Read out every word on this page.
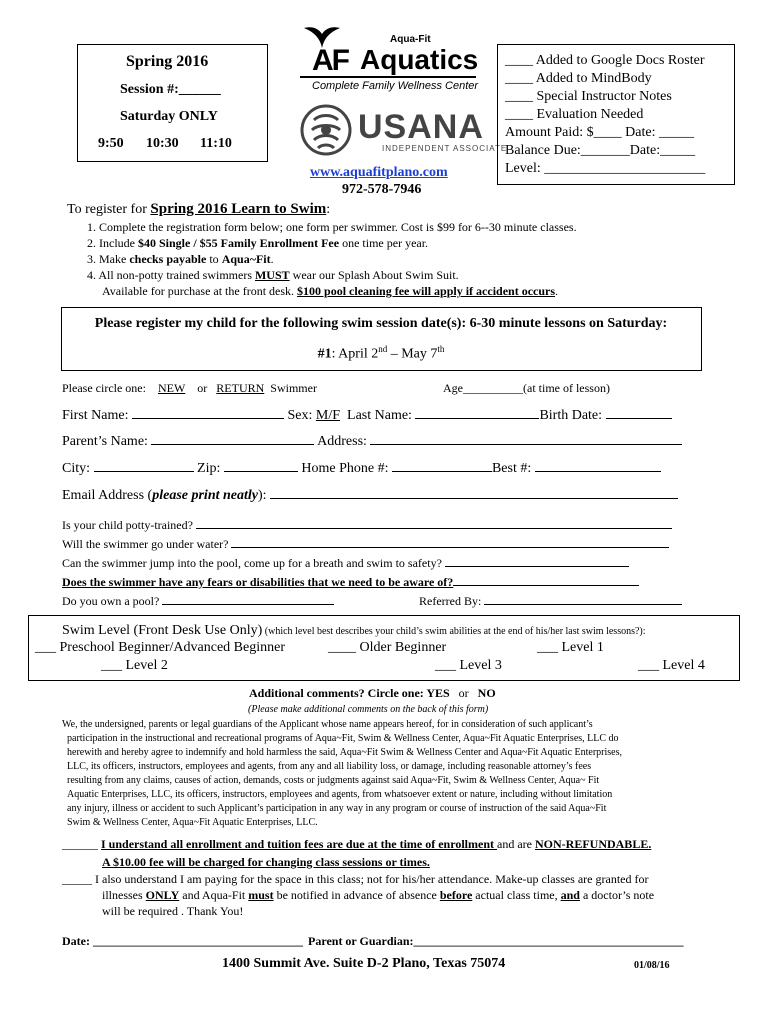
Spring 2016
Session #:______
Saturday ONLY
9:50 10:30 11:10
Aqua-Fit
AF Aquatics
Complete Family Wellness Center
USANA
INDEPENDENT ASSOCIATE
www.aquafitplano.com
972-578-7946
____ Added to Google Docs Roster
____ Added to MindBody
____ Special Instructor Notes
____ Evaluation Needed
Amount Paid: $____ Date: _____
Balance Due:_______Date:_____
Level: _______________________
To register for Spring 2016 Learn to Swim:
1. Complete the registration form below; one form per swimmer. Cost is $99 for 6--30 minute classes.
2. Include $40 Single / $55 Family Enrollment Fee one time per year.
3. Make checks payable to Aqua~Fit.
4. All non-potty trained swimmers MUST wear our Splash About Swim Suit.
Available for purchase at the front desk. $100 pool cleaning fee will apply if accident occurs.
Please register my child for the following swim session date(s): 6-30 minute lessons on Saturday:
#1: April 2nd – May 7th
Please circle one: NEW or RETURN Swimmer	Age__________(at time of lesson)
First Name:	Sex: M/F Last Name:	Birth Date:
Parent’s Name:	Address:
City:	Zip:	Home Phone #:	Best #:
Email Address (please print neatly):
Is your child potty-trained?
Will the swimmer go under water?
Can the swimmer jump into the pool, come up for a breath and swim to safety?
Does the swimmer have any fears or disabilities that we need to be aware of?
Do you own a pool?	Referred By:
Swim Level (Front Desk Use Only) (which level best describes your child’s swim abilities at the end of his/her last swim lessons?):
___ Preschool Beginner/Advanced Beginner	____ Older Beginner	___ Level 1
___ Level 2	___ Level 3	___ Level 4
Additional comments? Circle one: YES or NO
(Please make additional comments on the back of this form)
We, the undersigned, parents or legal guardians of the Applicant whose name appears hereof, for in consideration of such applicant’s
participation in the instructional and recreational programs of Aqua~Fit, Swim & Wellness Center, Aqua~Fit Aquatic Enterprises, LLC do
herewith and hereby agree to indemnify and hold harmless the said, Aqua~Fit Swim & Wellness Center and Aqua~Fit Aquatic Enterprises,
LLC, its officers, instructors, employees and agents, from any and all liability loss, or damage, including reasonable attorney’s fees
resulting from any claims, causes of action, demands, costs or judgments against said Aqua~Fit, Swim & Wellness Center, Aqua~ Fit
Aquatic Enterprises, LLC, its officers, instructors, employees and agents, from whatsoever extent or nature, including without limitation
any injury, illness or accident to such Applicant’s participation in any way in any program or course of instruction of the said Aqua~Fit
Swim & Wellness Center, Aqua~Fit Aquatic Enterprises, LLC.
______ I understand all enrollment and tuition fees are due at the time of enrollment and are NON-REFUNDABLE.
A $10.00 fee will be charged for changing class sessions or times.
_____ I also understand I am paying for the space in this class; not for his/her attendance. Make-up classes are granted for
illnesses ONLY and Aqua-Fit must be notified in advance of absence before actual class time, and a doctor’s note
will be required . Thank You!
Date: ___________________________________ Parent or Guardian:_____________________________________________
1400 Summit Ave. Suite D-2 Plano, Texas 75074	01/08/16
